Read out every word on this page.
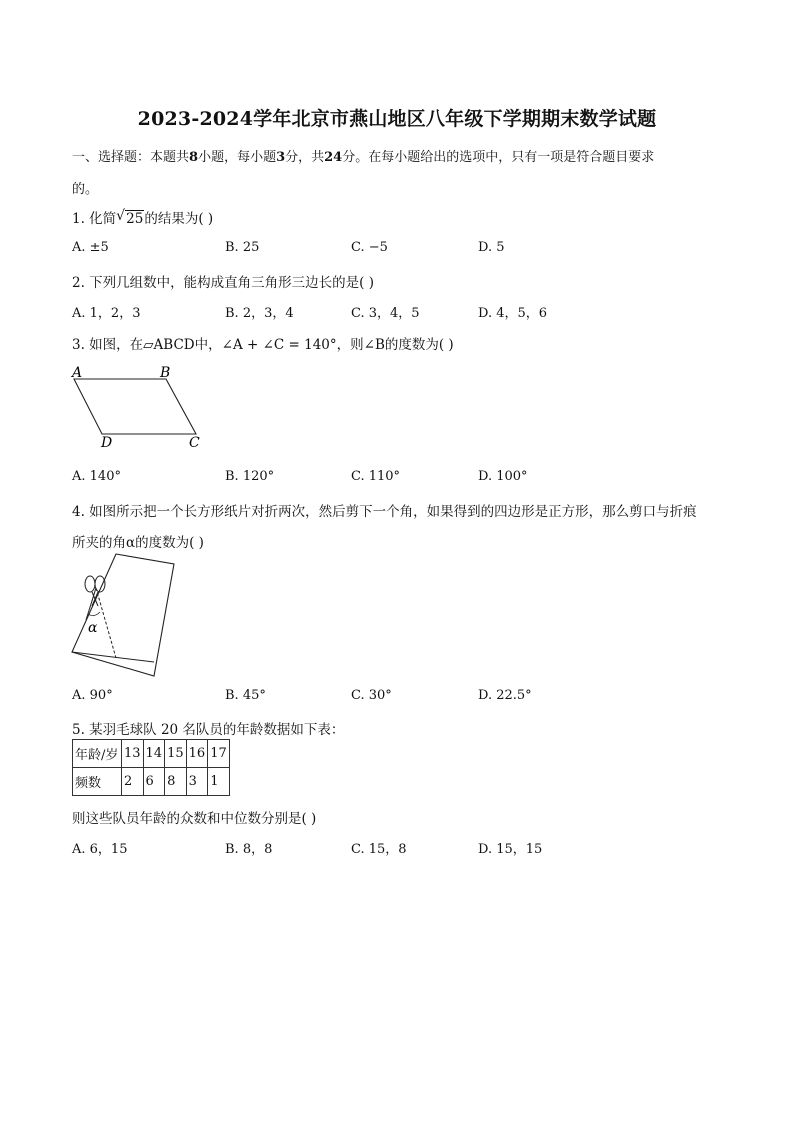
2023-2024学年北京市燕山地区八年级下学期期末数学试题
一、选择题：本题共8小题，每小题3分，共24分。在每小题给出的选项中，只有一项是符合题目要求
的。
1. 化简 √ 25的结果为( )
A. ±5	B. 25	C. −5	D. 5
2. 下列几组数中，能构成直角三角形三边长的是( )
A. 1，2，3	B. 2，3，4	C. 3，4，5	D. 4，5，6
3. 如图，在▱ABCD中，∠A + ∠C = 140°，则∠B的度数为( )
A	B
C
D
A. 140°	B. 120°	C. 110°	D. 100°
4. 如图所示把一个长方形纸片对折两次，然后剪下一个角，如果得到的四边形是正方形，那么剪口与折痕
所夹的角α的度数为( )
α
A. 90°	B. 45°	C. 30°	D. 22.5°
5. 某羽毛球队 20 名队员的年龄数据如下表：
年龄/岁	13	14	15	16	17
频数	2	6	8	3	1
则这些队员年龄的众数和中位数分别是( )
A. 6，15	B. 8，8	C. 15，8	D. 15，15
